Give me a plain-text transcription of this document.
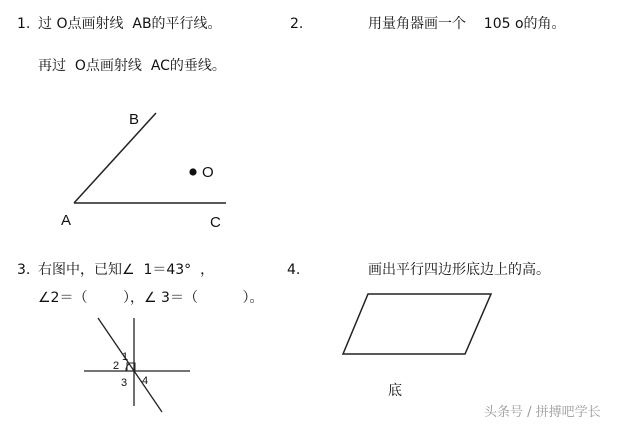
1. 过 O点画射线  AB的平行线。
再过  O点画射线  AC的垂线。
2.	用量角器画一个    105 o的角。
3. 右图中，已知∠  1＝43°  ，
∠2＝（        ），∠ 3＝（          ）。
4.	画出平行四边形底边上的高。
底
B
O
A	C
1
2
3 4
头条号 / 拼搏吧学长
